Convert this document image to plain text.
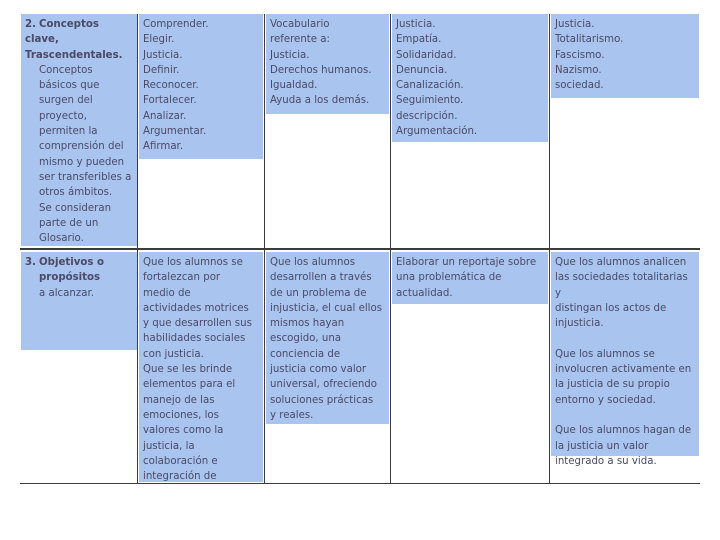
2. Conceptos clave, Trascendentales.
Conceptos
básicos que
surgen del
proyecto,
permiten la
comprensión del
mismo y pueden
ser transferibles a
otros ámbitos.
Se consideran
parte de un
Glosario.
Comprender.
Elegir.
Justicia.
Definir.
Reconocer.
Fortalecer.
Analizar.
Argumentar.
Afirmar.
Vocabulario
referente a:
Justicia.
Derechos humanos.
Igualdad.
Ayuda a los demás.
Justicia.
Empatía.
Solidaridad.
Denuncia.
Canalización.
Seguimiento.
descripción.
Argumentación.
Justicia.
Totalitarismo.
Fascismo.
Nazismo.
sociedad.
3. Objetivos o
propósitos
a alcanzar.
Que los alumnos se
fortalezcan por
medio de
actividades motrices
y que desarrollen sus
habilidades sociales
con justicia.
Que se les brinde
elementos para el
manejo de las
emociones, los
valores como la
justicia, la
colaboración e
integración de
Que los alumnos
desarrollen a través
de un problema de
injusticia, el cual ellos
mismos hayan
escogido, una
conciencia de
justicia como valor
universal, ofreciendo
soluciones prácticas
y reales.
Elaborar un reportaje sobre
una problemática de
actualidad.
Que los alumnos analicen
las sociedades totalitarias y
distingan los actos de
injusticia.

Que los alumnos se
involucren activamente en
la justicia de su propio
entorno y sociedad.

Que los alumnos hagan de
la justicia un valor
integrado a su vida.
